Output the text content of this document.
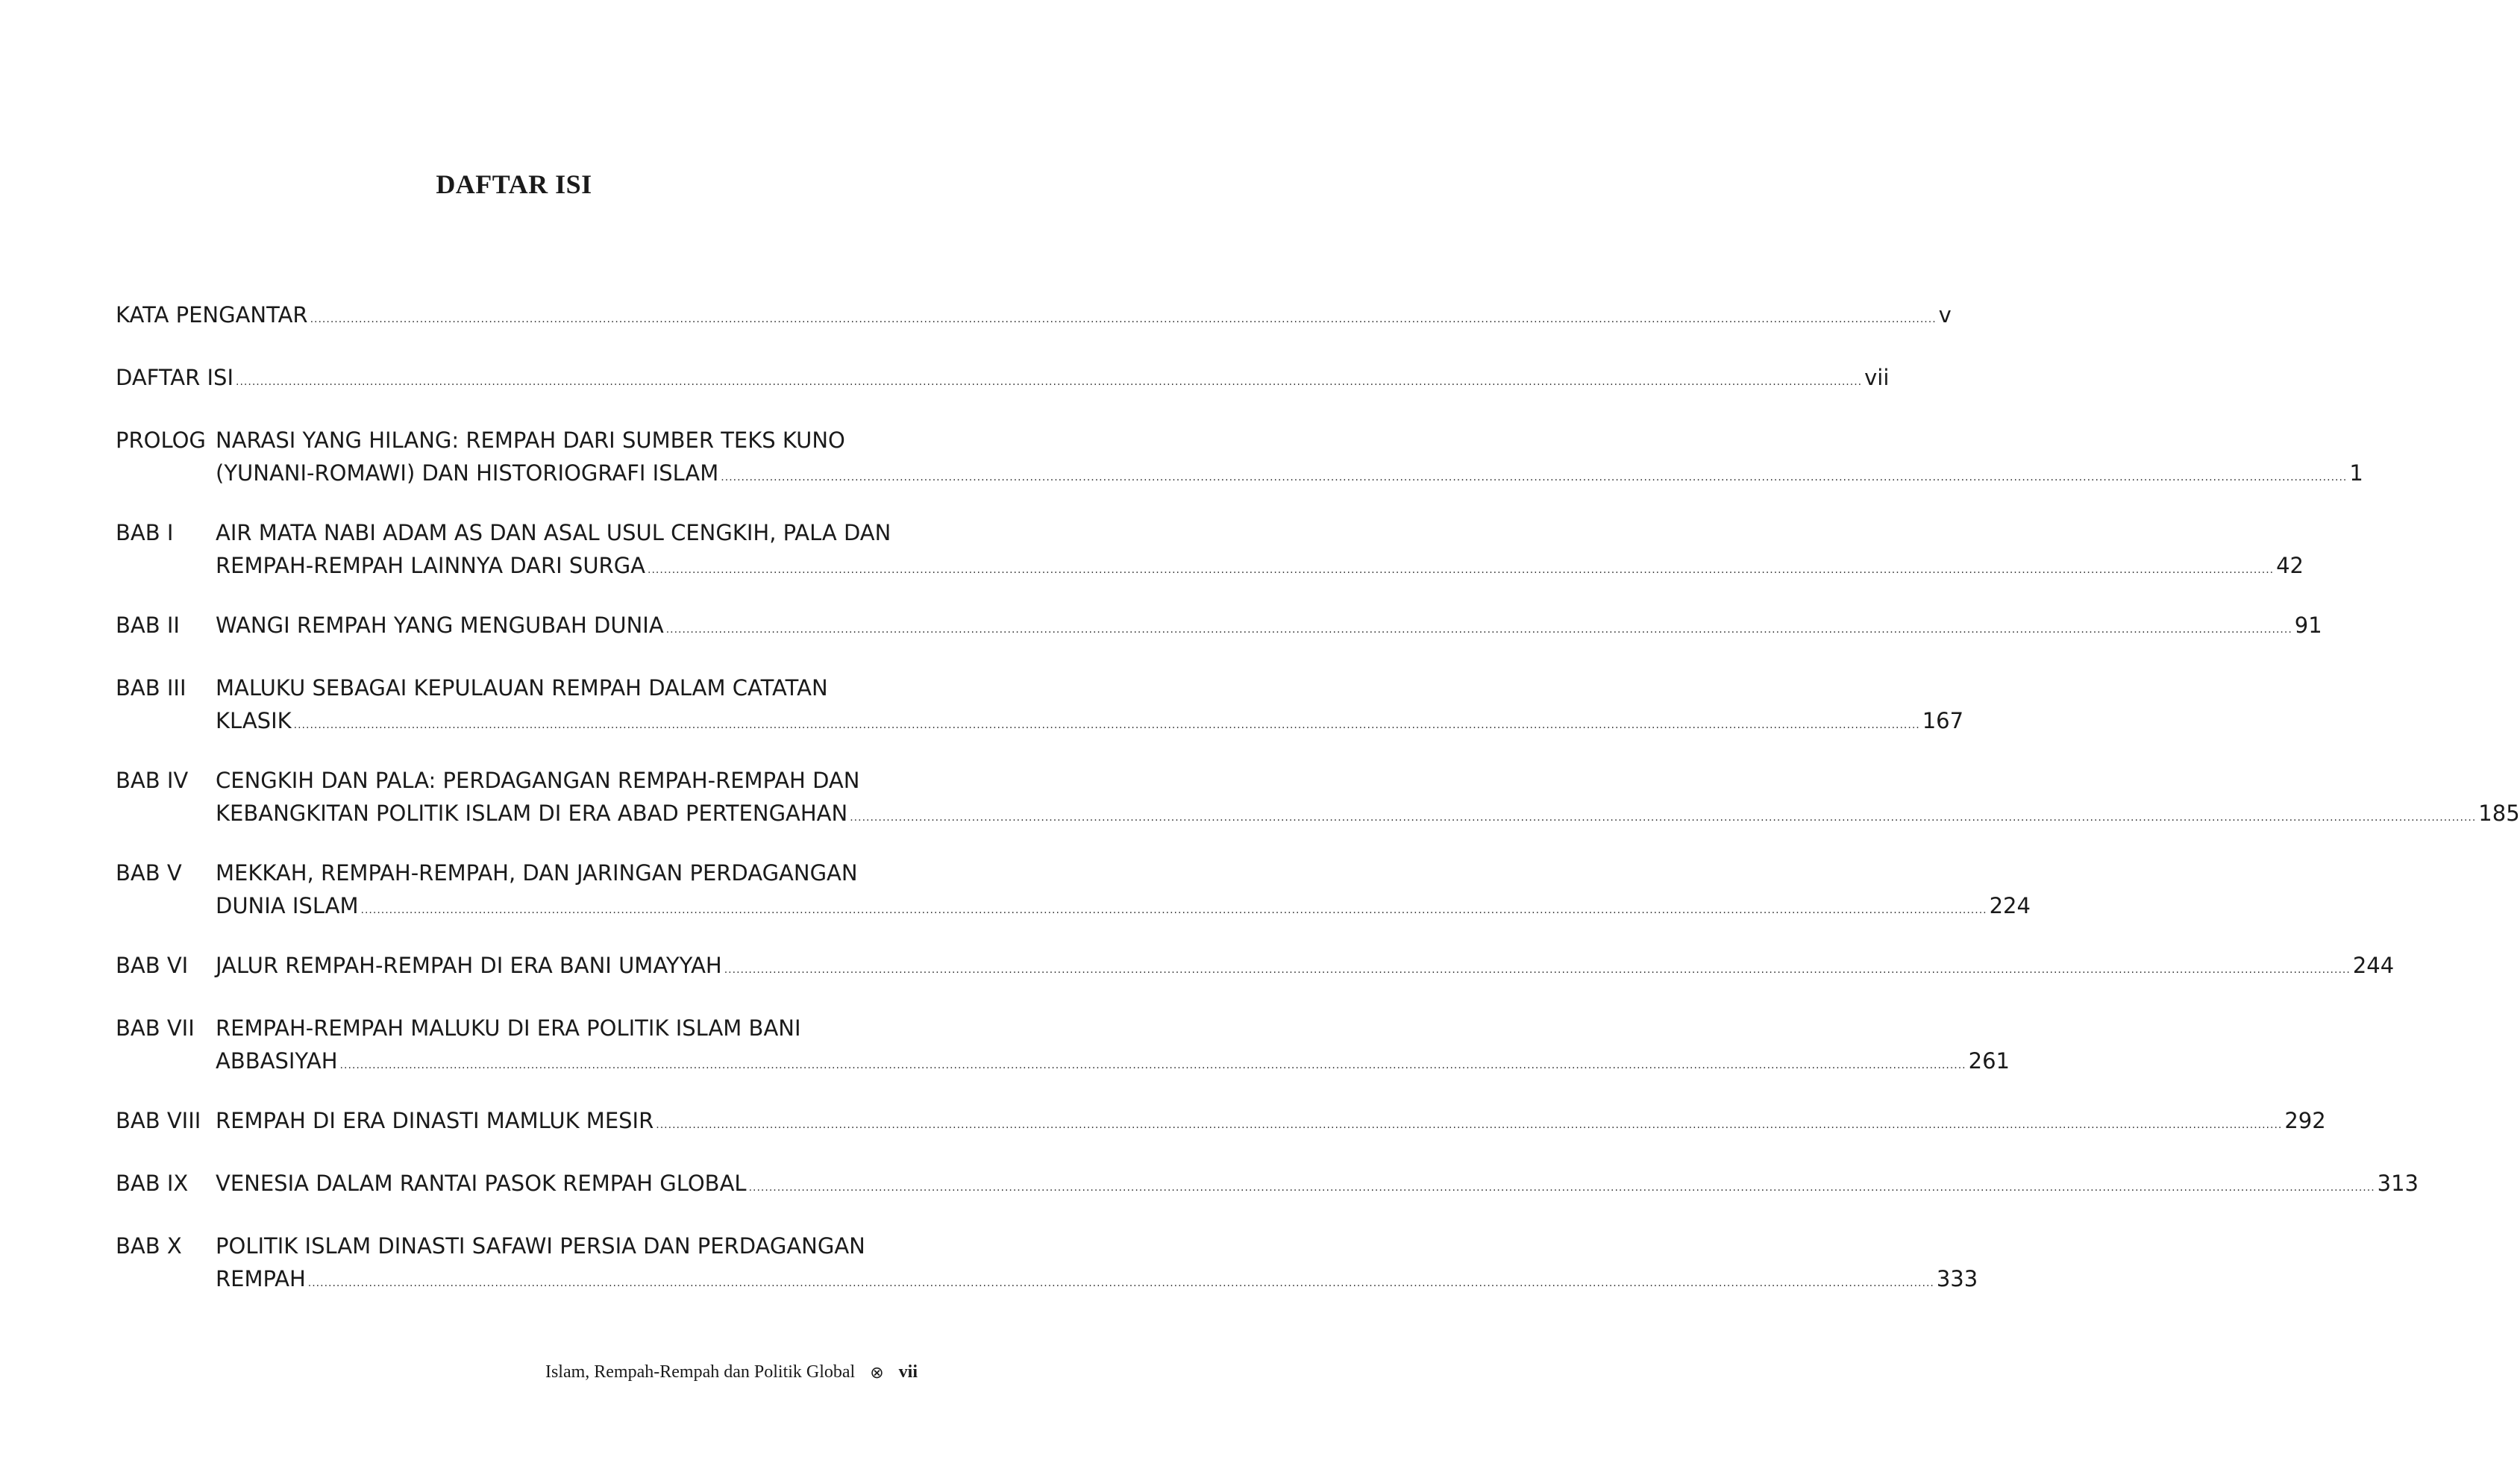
DAFTAR ISI
KATA PENGANTAR ................................................................................................................................................................................................................................................................................................................................................................................................................ v
DAFTAR ISI ................................................................................................................................................................................................................................................................................................................................................................................................................ vii
PROLOG NARASI YANG HILANG: REMPAH DARI SUMBER TEKS KUNO
(YUNANI-ROMAWI) DAN HISTORIOGRAFI ISLAM ................................................................................................................................................................................................................................................................................................................................................................................................................ 1
BAB I	AIR MATA NABI ADAM AS DAN ASAL USUL CENGKIH, PALA DAN
REMPAH-REMPAH LAINNYA DARI SURGA ................................................................................................................................................................................................................................................................................................................................................................................................................ 42
BAB II	WANGI REMPAH YANG MENGUBAH DUNIA ................................................................................................................................................................................................................................................................................................................................................................................................................ 91
BAB III	MALUKU SEBAGAI KEPULAUAN REMPAH DALAM CATATAN
KLASIK ................................................................................................................................................................................................................................................................................................................................................................................................................ 167
BAB IV	CENGKIH DAN PALA: PERDAGANGAN REMPAH-REMPAH DAN
KEBANGKITAN POLITIK ISLAM DI ERA ABAD PERTENGAHAN ................................................................................................................................................................................................................................................................................................................................................................................................................ 185
BAB V	MEKKAH, REMPAH-REMPAH, DAN JARINGAN PERDAGANGAN
DUNIA ISLAM ................................................................................................................................................................................................................................................................................................................................................................................................................ 224
BAB VI	JALUR REMPAH-REMPAH DI ERA BANI UMAYYAH ................................................................................................................................................................................................................................................................................................................................................................................................................ 244
BAB VII REMPAH-REMPAH MALUKU DI ERA POLITIK ISLAM BANI
ABBASIYAH ................................................................................................................................................................................................................................................................................................................................................................................................................ 261
BAB VIII REMPAH DI ERA DINASTI MAMLUK MESIR ................................................................................................................................................................................................................................................................................................................................................................................................................ 292
BAB IX	VENESIA DALAM RANTAI PASOK REMPAH GLOBAL ................................................................................................................................................................................................................................................................................................................................................................................................................ 313
BAB X	POLITIK ISLAM DINASTI SAFAWI PERSIA DAN PERDAGANGAN
REMPAH ................................................................................................................................................................................................................................................................................................................................................................................................................ 333
Islam, Rempah-Rempah dan Politik Global ⊗ vii
